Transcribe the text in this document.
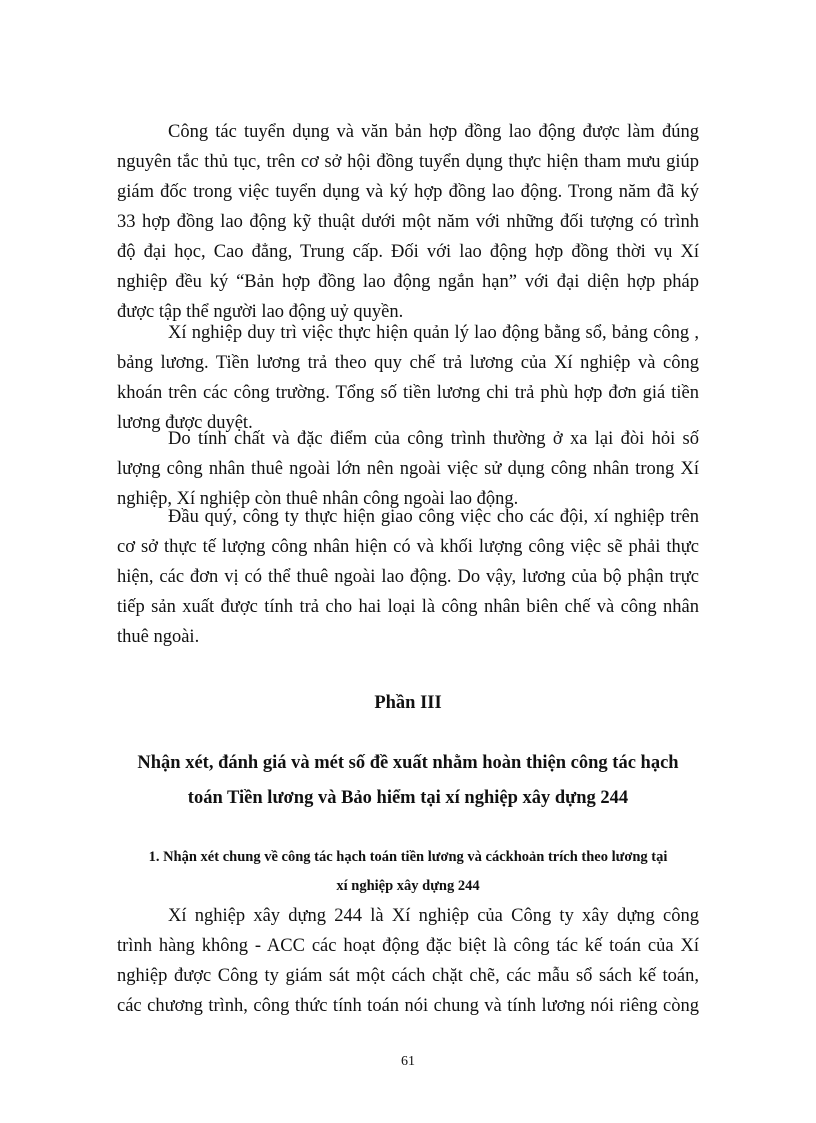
Công tác tuyển dụng và văn bản hợp đồng lao động được làm đúng
nguyên tắc thủ tục, trên cơ sở hội đồng tuyển dụng thực hiện tham mưu giúp
giám đốc trong việc tuyển dụng và ký hợp đồng lao động. Trong năm đã ký
33 hợp đồng lao động kỹ thuật dưới một năm với những đối tượng có trình
độ đại học, Cao đẳng, Trung cấp. Đối với lao động hợp đồng thời vụ Xí
nghiệp đều ký “Bản hợp đồng lao động ngắn hạn” với đại diện hợp pháp
được tập thể người lao động uỷ quyền.
Xí nghiệp duy trì việc thực hiện quản lý lao động bằng sổ, bảng công ,
bảng lương. Tiền lương trả theo quy chế trả lương của Xí nghiệp và công
khoán trên các công trường. Tổng số tiền lương chi trả phù hợp đơn giá tiền
lương được duyệt.
Do tính chất và đặc điểm của công trình thường ở xa lại đòi hỏi số
lượng công nhân thuê ngoài lớn nên ngoài việc sử dụng công nhân trong Xí
nghiệp, Xí nghiệp còn thuê nhân công ngoài lao động.
Đầu quý, công ty thực hiện giao công việc cho các đội, xí nghiệp trên
cơ sở thực tế lượng công nhân hiện có và khối lượng công việc sẽ phải thực
hiện, các đơn vị có thể thuê ngoài lao động. Do vậy, lương của bộ phận trực
tiếp sản xuất được tính trả cho hai loại là công nhân biên chế và công nhân
thuê ngoài.
Phần III
Nhận xét, đánh giá và mét số đề xuất nhằm hoàn thiện công tác hạch
toán Tiền lương và Bảo hiểm tại xí nghiệp xây dựng 244
1. Nhận xét chung về công tác hạch toán tiền lương và cáckhoản trích theo lương tại
xí nghiệp xây dựng 244
Xí nghiệp xây dựng 244 là Xí nghiệp của Công ty xây dựng công
trình hàng không - ACC các hoạt động đặc biệt là công tác kế toán của Xí
nghiệp được Công ty giám sát một cách chặt chẽ, các mẫu sổ sách kế toán,
các chương trình, công thức tính toán nói chung và tính lương nói riêng còng
61
